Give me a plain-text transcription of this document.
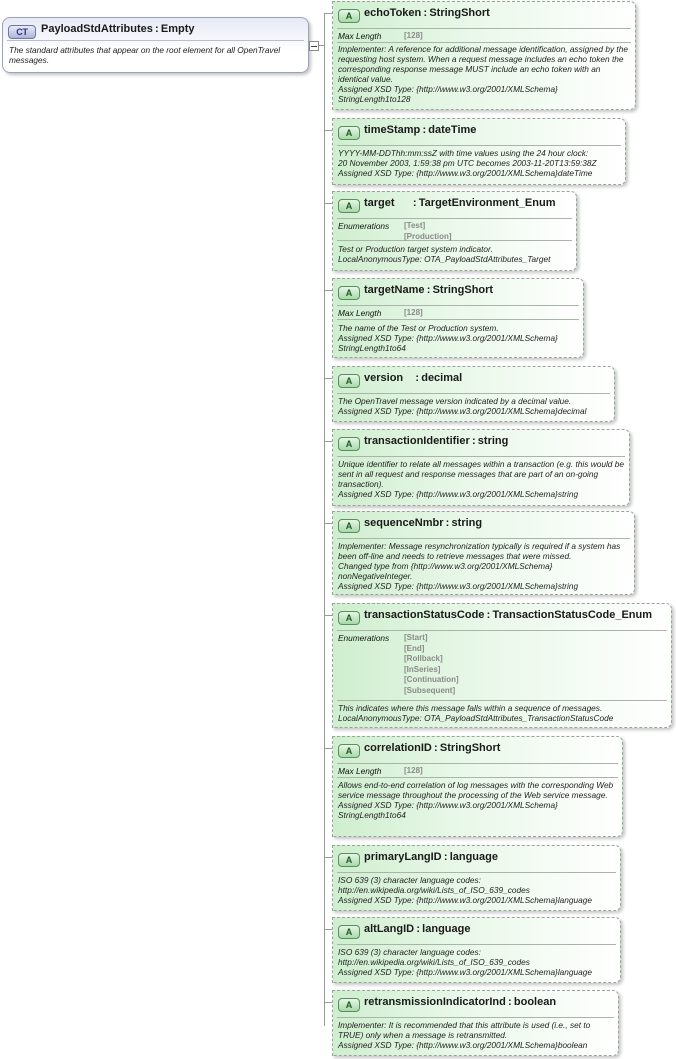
CT	PayloadStdAttributes : Empty
The standard attributes that appear on the root element for all OpenTravel messages.
A	echoToken : StringShort
Max Length	[128]
Implementer: A reference for additional message identification, assigned by the requesting host system. When a request message includes an echo token the corresponding response message MUST include an echo token with an identical value.
Assigned XSD Type: {http://www.w3.org/2001/XMLSchema}
StringLength1to128
A	timeStamp : dateTime
YYYY-MM-DDThh:mm:ssZ with time values using the 24 hour clock:
20 November 2003, 1:59:38 pm UTC becomes 2003-11-20T13:59:38Z
Assigned XSD Type: {http://www.w3.org/2001/XMLSchema}dateTime
A	target      : TargetEnvironment_Enum
Enumerations [Test]
[Production]
Test or Production target system indicator.
LocalAnonymousType: OTA_PayloadStdAttributes_Target
A	targetName : StringShort
Max Length	[128]
The name of the Test or Production system.
Assigned XSD Type: {http://www.w3.org/2001/XMLSchema}
StringLength1to64
A	version    : decimal
The OpenTravel message version indicated by a decimal value.
Assigned XSD Type: {http://www.w3.org/2001/XMLSchema}decimal
A	transactionIdentifier : string
Unique identifier to relate all messages within a transaction (e.g. this would be sent in all request and response messages that are part of an on-going transaction).
Assigned XSD Type: {http://www.w3.org/2001/XMLSchema}string
A	sequenceNmbr : string
Implementer: Message resynchronization typically is required if a system has been off-line and needs to retrieve messages that were missed.
Changed type from {http://www.w3.org/2001/XMLSchema}
nonNegativeInteger.
Assigned XSD Type: {http://www.w3.org/2001/XMLSchema}string
A	transactionStatusCode : TransactionStatusCode_Enum
Enumerations [Start]
[End]
[Rollback]
[InSeries]
[Continuation]
[Subsequent]
This indicates where this message falls within a sequence of messages.
LocalAnonymousType: OTA_PayloadStdAttributes_TransactionStatusCode
A	correlationID : StringShort
Max Length	[128]
Allows end-to-end correlation of log messages with the corresponding Web service message throughout the processing of the Web service message.
Assigned XSD Type: {http://www.w3.org/2001/XMLSchema}
StringLength1to64
A	primaryLangID : language
ISO 639 (3) character language codes:
http://en.wikipedia.org/wiki/Lists_of_ISO_639_codes
Assigned XSD Type: {http://www.w3.org/2001/XMLSchema}language
A	altLangID : language
ISO 639 (3) character language codes:
http://en.wikipedia.org/wiki/Lists_of_ISO_639_codes
Assigned XSD Type: {http://www.w3.org/2001/XMLSchema}language
A	retransmissionIndicatorInd : boolean
Implementer: It is recommended that this attribute is used (i.e., set to TRUE) only when a message is retransmitted.
Assigned XSD Type: {http://www.w3.org/2001/XMLSchema}boolean
